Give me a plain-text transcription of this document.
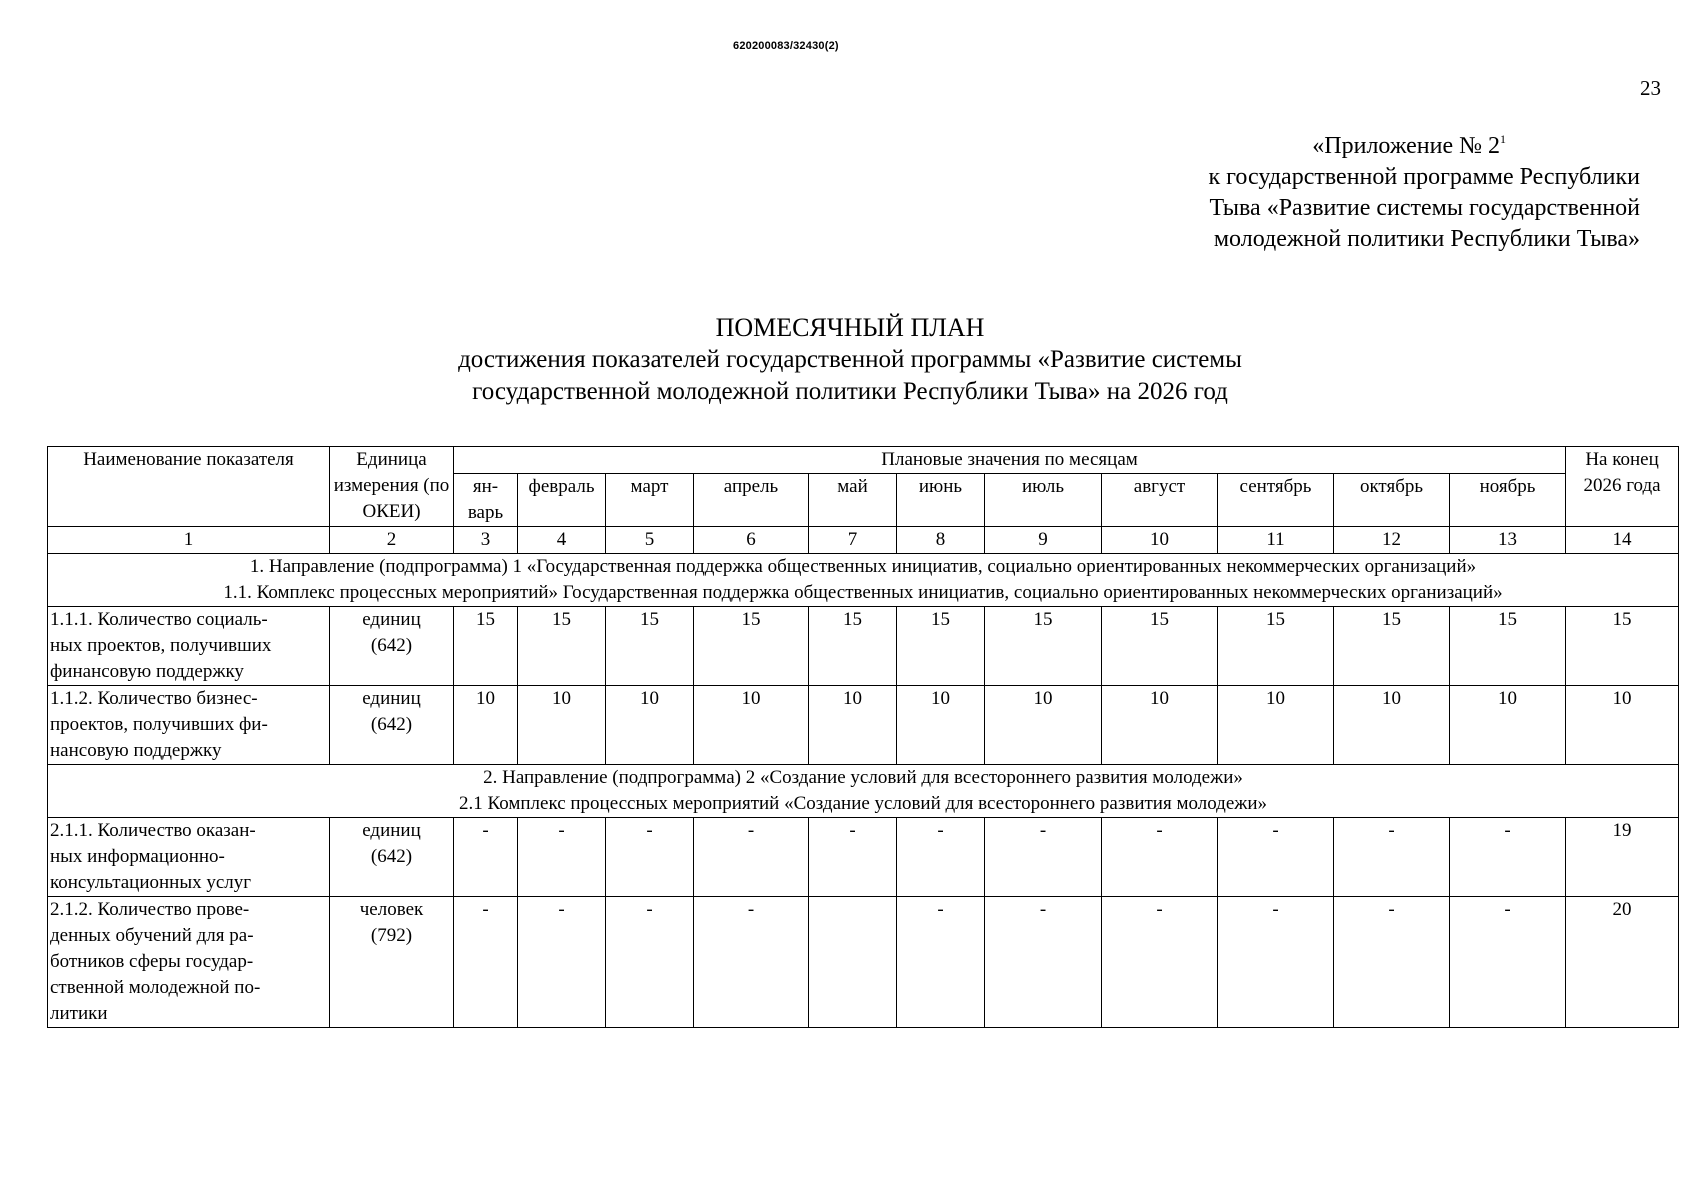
620200083/32430(2)
23
«Приложение № $2^1$
к государственной программе Республики
Тыва «Развитие системы государственной
молодежной политики Республики Тыва»
ПОМЕСЯЧНЫЙ ПЛАН
достижения показателей государственной программы «Развитие системы
государственной молодежной политики Республики Тыва» на 2026 год
Наименование показателя	Единица измерения (по ОКЕИ)	Плановые значения по месяцам											На конец 2026 года
		ян-
варь	февраль	март	апрель	май	июнь	июль	август	сентябрь	октябрь	ноябрь	
1	2	3	4	5	6	7	8	9	10	11	12	13	14

1. Направление (подпрограмма) 1 «Государственная поддержка общественных инициатив, социально ориентированных некоммерческих организаций»
1.1. Комплекс процессных мероприятий» Государственная поддержка общественных инициатив, социально ориентированных некоммерческих организаций»													

1.1.1. Количество социаль-
ных проектов, получивших
финансовую поддержку	единиц
(642)	15	15	15	15	15	15	15	15	15	15	15	15
1.1.2. Количество бизнес-
проектов, получивших фи-
нансовую поддержку	единиц
(642)	10	10	10	10	10	10	10	10	10	10	10	10

2. Направление (подпрограмма) 2 «Создание условий для всестороннего развития молодежи»
2.1 Комплекс процессных мероприятий «Создание условий для всестороннего развития молодежи»													

2.1.1. Количество оказан-
ных информационно-
консультационных услуг	единиц
(642)	-	-	-	-	-	-	-	-	-	-	-	19
2.1.2. Количество прове-
денных обучений для ра-
ботников сферы государ-
ственной молодежной по-
литики	человек
(792)	-	-	-	-		-	-	-	-	-	-	20
